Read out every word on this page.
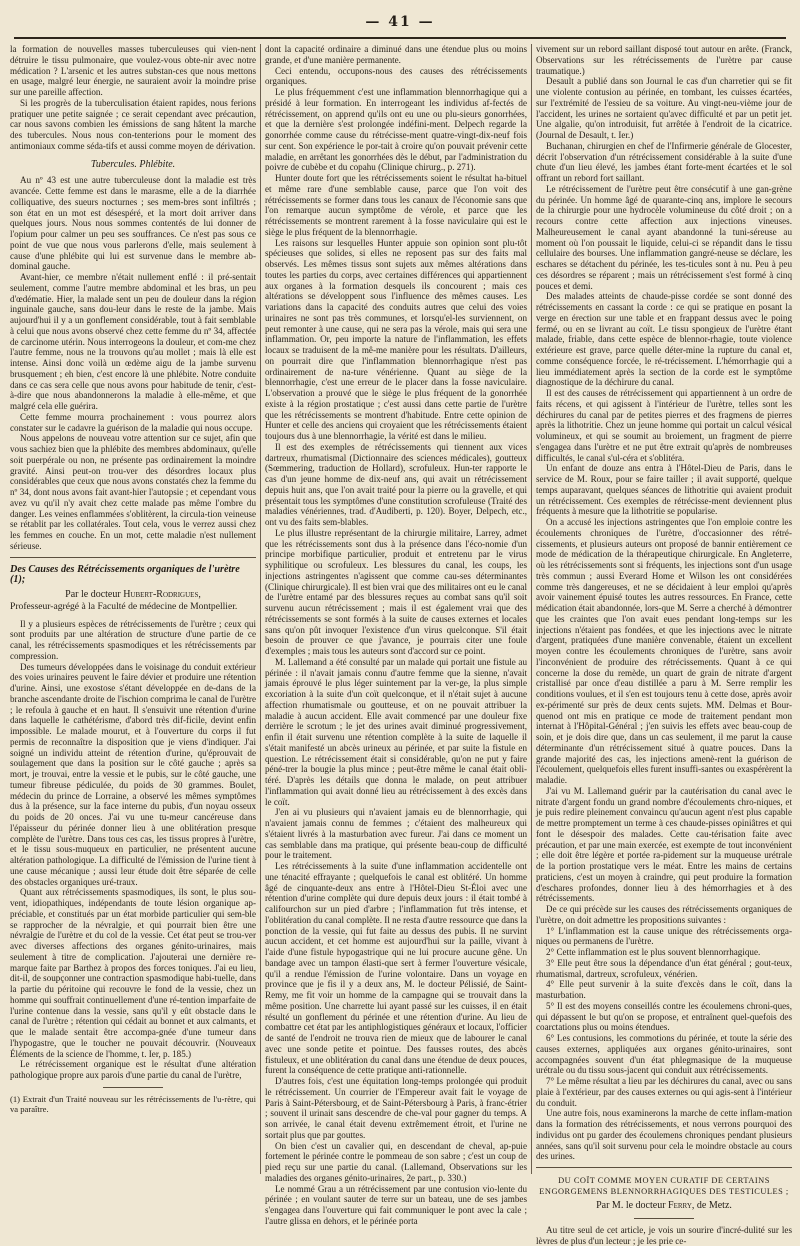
— 41 —

la formation de nouvelles masses tuberculeuses qui vien-nent détruire le tissu pulmonaire, que voulez-vous obte-nir avec notre médication ? L'arsenic et les autres substan-ces que nous mettons en usage, malgré leur énergie, ne sauraient avoir la moindre prise sur une pareille affection.

Si les progrès de la tuberculisation étaient rapides, nous ferions pratiquer une petite saignée ; ce serait cependant avec précaution, car nous savons combien les émissions de sang hâtent la marche des tubercules. Nous nous con-tenterions pour le moment des antimoniaux comme séda-tifs et aussi comme moyen de dérivation.

Tubercules. Phlébite.

Au nº 43 est une autre tuberculeuse dont la maladie est très avancée. Cette femme est dans le marasme, elle a de la diarrhée colliquative, des sueurs nocturnes ; ses mem-bres sont infiltrés ; son état en un mot est désespéré, et la mort doit arriver dans quelques jours. Nous nous sommes contentés de lui donner de l'opium pour calmer un peu ses souffrances. Ce n'est pas sous ce point de vue que nous vous parlerons d'elle, mais seulement à cause d'une phlébite qui lui est survenue dans le membre ab-dominal gauche.

Avant-hier, ce membre n'était nullement enflé : il pré-sentait seulement, comme l'autre membre abdominal et les bras, un peu d'œdématie. Hier, la malade sent un peu de douleur dans la région inguinale gauche, sans dou-leur dans le reste de la jambe. Mais aujourd'hui il y a un gonflement considérable, tout à fait semblable à celui que nous avons observé chez cette femme du nº 34, affectée de carcinome utérin. Nous interrogeons la douleur, et com-me chez l'autre femme, nous ne la trouvons qu'au mollet ; mais là elle est intense. Ainsi donc voilà un œdème aigu de la jambe survenu brusquement ; eh bien, c'est encore là une phlébite. Notre conduite dans ce cas sera celle que nous avons pour habitude de tenir, c'est-à-dire que nous abandonnerons la maladie à elle-même, et que malgré cela elle guérira.

Cette femme mourra prochainement : vous pourrez alors constater sur le cadavre la guérison de la maladie qui nous occupe.

Nous appelons de nouveau votre attention sur ce sujet, afin que vous sachiez bien que la phlébite des membres abdominaux, qu'elle soit puerpérale ou non, ne présente pas ordinairement la moindre gravité. Ainsi peut-on trou-ver des désordres locaux plus considérables que ceux que nous avons constatés chez la femme du nº 34, dont nous avons fait avant-hier l'autopsie ; et cependant vous avez vu qu'il n'y avait chez cette malade pas même l'ombre du danger. Les veines enflammées s'oblitèrent, la circula-tion veineuse se rétablit par les collatérales. Tout cela, vous le verrez aussi chez les femmes en couche. En un mot, cette maladie n'est nullement sérieuse.

Des Causes des Rétrécissements organiques de l'urètre (1);
Par le docteur Hubert-Rodrigues,
Professeur-agrégé à la Faculté de médecine de Montpellier.

Il y a plusieurs espèces de rétrécissements de l'urètre ; ceux qui sont produits par une altération de structure d'une partie de ce canal, les rétrécissements spasmodiques et les rétrécissements par compression.

Des tumeurs développées dans le voisinage du conduit extérieur des voies urinaires peuvent le faire dévier et produire une rétention d'urine. Ainsi, une exostose s'étant développée en de-dans de la branche ascendante droite de l'ischion comprima le canal de l'urètre ; le refoula à gauche et en haut. Il s'ensuivit une rétention d'urine dans laquelle le cathétérisme, d'abord très dif-ficile, devint enfin impossible. Le malade mourut, et à l'ouverture du corps il fut permis de reconnaître la disposition que je viens d'indiquer. J'ai soigné un individu atteint de rétention d'urine, qu'éprouvait de soulagement que dans la position sur le côté gauche ; après sa mort, je trouvai, entre la vessie et le pubis, sur le côté gauche, une tumeur fibreuse pédiculée, du poids de 30 grammes. Boulet, médecin du prince de Lorraine, a observé les mêmes symptômes dus à la présence, sur la face interne du pubis, d'un noyau osseux du poids de 20 onces. J'ai vu une tu-meur cancéreuse dans l'épaisseur du périnée donner lieu à une oblitération presque complète de l'urètre. Dans tous ces cas, les tissus propres à l'urètre, et le tissu sous-muqueux en particulier, ne présentent aucune altération pathologique. La difficulté de l'émission de l'urine tient à une cause mécanique ; aussi leur étude doit être séparée de celle des obstacles organiques uré-traux.

Quant aux rétrécissements spasmodiques, ils sont, le plus sou-vent, idiopathiques, indépendants de toute lésion organique ap-préciable, et constitués par un état morbide particulier qui sem-ble se rapprocher de la névralgie, et qui pourrait bien être une névralgie de l'urètre et du col de la vessie. Cet état peut se trou-ver avec diverses affections des organes génito-urinaires, mais seulement à titre de complication. J'ajouterai une dernière re-marque faite par Barthez à propos des forces toniques. J'ai eu lieu, dit-il, de soupçonner une contraction spasmodique habi-tuelle, dans la partie du péritoine qui recouvre le fond de la vessie, chez un homme qui souffrait continuellement d'une ré-tention imparfaite de l'urine contenue dans la vessie, sans qu'il y eût obstacle dans le canal de l'urètre ; rétention qui cédait au bonnet et aux calmants, et que le malade sentait être accompa-gnée d'une tumeur dans l'hypogastre, que le toucher ne pouvait découvrir. (Nouveaux Éléments de la science de l'homme, t. Ier, p. 185.)

Le rétrécissement organique est le résultat d'une altération pathologique propre aux parois d'une partie du canal de l'urètre,

(1) Extrait d'un Traité nouveau sur les rétrécissements de l'u-rètre, qui va paraître.

dont la capacité ordinaire a diminué dans une étendue plus ou moins grande, et d'une manière permanente.

Ceci entendu, occupons-nous des causes des rétrécissements organiques.

Le plus fréquemment c'est une inflammation blennorrhagique qui a présidé à leur formation. En interrogeant les individus af-fectés de rétrécissement, on apprend qu'ils ont eu une ou plu-sieurs gonorrhées, et que la dernière s'est prolongée indéfini-ment. Delpech regarde la gonorrhée comme cause du rétrécisse-ment quatre-vingt-dix-neuf fois sur cent. Son expérience le por-tait à croire qu'on pouvait prévenir cette maladie, en arrêtant les gonorrhées dès le début, par l'administration du poivre de cubèbe et du copahu (Clinique chirurg., p. 271).

Hunter doute fort que les rétrécissements soient le résultat ha-bituel et même rare d'une semblable cause, parce que l'on voit des rétrécissements se former dans tous les canaux de l'économie sans que l'on remarque aucun symptôme de vérole, et parce que les rétrécissements se montrent rarement à la fosse naviculaire qui est le siège le plus fréquent de la blennorrhagie.

Les raisons sur lesquelles Hunter appuie son opinion sont plu-tôt spécieuses que solides, si elles ne reposent pas sur des faits mal observés. Les mêmes tissus sont sujets aux mêmes altérations dans toutes les parties du corps, avec certaines différences qui appartiennent aux organes à la formation desquels ils concourent ; mais ces altérations se développent sous l'influence des mêmes causes. Les variations dans la capacité des conduits autres que celui des voies urinaires ne sont pas très communes, et lorsqu'el-les surviennent, on peut remonter à une cause, qui ne sera pas la vérole, mais qui sera une inflammation. Or, peu importe la nature de l'inflammation, les effets locaux se traduisent de la mê-me manière pour les résultats. D'ailleurs, on pourrait dire que l'inflammation blennorrhagique n'est pas ordinairement de na-ture vénérienne. Quant au siège de la blennorrhagie, c'est une erreur de le placer dans la fosse naviculaire. L'observation a prouvé que le siège le plus fréquent de la gonorrhée existe à la région prostatique ; c'est aussi dans cette partie de l'urètre que les rétrécissements se montrent d'habitude. Entre cette opinion de Hunter et celle des anciens qui croyaient que les rétrécissements étaient toujours dus à une blennorrhagie, la vérité est dans le milieu.

Il est des exemples de rétrécissements qui tiennent aux vices dartreux, rhumatismal (Dictionnaire des sciences médicales), goutteux (Sœmmering, traduction de Hollard), scrofuleux. Hun-ter rapporte le cas d'un jeune homme de dix-neuf ans, qui avait un rétrécissement depuis huit ans, que l'on avait traité pour la pierre ou la gravelle, et qui présentait tous les symptômes d'une constitution scrofuleuse (Traité des maladies vénériennes, trad. d'Audiberti, p. 120). Boyer, Delpech, etc., ont vu des faits sem-blables.

Le plus illustre représentant de la chirurgie militaire, Larrey, admet que les rétrécissements sont dus à la présence dans l'éco-nomie d'un principe morbifique particulier, produit et entretenu par le virus syphilitique ou scrofuleux. Les blessures du canal, les coups, les injections astringentes n'agissent que comme cau-ses déterminantes (Clinique chirurgicale). Il est bien vrai que des militaires ont eu le canal de l'urètre entamé par des blessures reçues au combat sans qu'il soit survenu aucun rétrécissement ; mais il est également vrai que des rétrécissements se sont formés à la suite de causes externes et locales sans qu'on pût invoquer l'existence d'un virus quelconque. S'il était besoin de prouver ce que j'avance, je pourrais citer une foule d'exemples ; mais tous les auteurs sont d'accord sur ce point.

M. Lallemand a été consulté par un malade qui portait une fistule au périnée : il n'avait jamais connu d'autre femme que la sienne, n'avait jamais éprouvé le plus léger suintement par la ver-ge, la plus simple excoriation à la suite d'un coït quelconque, et il n'était sujet à aucune affection rhumatismale ou goutteuse, et on ne pouvait attribuer la maladie à aucun accident. Elle avait commencé par une douleur fixe derrière le scrotum ; le jet des urines avait diminué progressivement, enfin il était survenu une rétention complète à la suite de laquelle il s'était manifesté un abcès urineux au périnée, et par suite la fistule en question. Le rétrécissement était si considérable, qu'on ne put y faire péné-trer la bougie la plus mince ; peut-être même le canal était obli-téré. D'après les détails que donna le malade, on peut attribuer l'inflammation qui avait donné lieu au rétrécissement à des excès dans le coït.

J'en ai vu plusieurs qui n'avaient jamais eu de blennorrhagie, qui n'avaient jamais connu de femmes ; c'étaient des malheureux qui s'étaient livrés à la masturbation avec fureur. J'ai dans ce moment un cas semblable dans ma pratique, qui présente beau-coup de difficulté pour le traitement.

Les rétrécissements à la suite d'une inflammation accidentelle ont une ténacité effrayante ; quelquefois le canal est oblitéré. Un homme âgé de cinquante-deux ans entre à l'Hôtel-Dieu St-Éloi avec une rétention d'urine complète qui dure depuis deux jours : il était tombé à califourchon sur un pied d'arbre ; l'inflammation fut très intense, et l'oblitération du canal complète. Il ne resta d'autre ressource que dans la ponction de la vessie, qui fut faite au dessus des pubis. Il ne survint aucun accident, et cet homme est aujourd'hui sur la paille, vivant à l'aide d'une fistule hypogastrique qui ne lui procure aucune gêne. Un bandage avec un tampon élasti-que sert à fermer l'ouverture vésicale, qu'il a rendue l'émission de l'urine volontaire. Dans un voyage en province que je fis il y a deux ans, M. le docteur Pélissié, de Saint-Remy, me fit voir un homme de la campagne qui se trouvait dans la même position. Une charrette lui ayant passé sur les cuisses, il en était résulté un gonflement du périnée et une rétention d'urine. Au lieu de combattre cet état par les antiphlogistiques généraux et locaux, l'officier de santé de l'endroit ne trouva rien de mieux que de labourer le canal avec une sonde petite et pointue. Des fausses routes, des abcès fistuleux, et une oblitération du canal dans une étendue de deux pouces, furent la conséquence de cette pratique anti-rationnelle.

D'autres fois, c'est une équitation long-temps prolongée qui produit le rétrécissement. Un courrier de l'Empereur avait fait le voyage de Paris à Saint-Pétersbourg, et de Saint-Pétersbourg à Paris, à franc-étrier ; souvent il urinait sans descendre de che-val pour gagner du temps. A son arrivée, le canal était devenu extrêmement étroit, et l'urine ne sortait plus que par gouttes.

On bien c'est un cavalier qui, en descendant de cheval, ap-puie fortement le périnée contre le pommeau de son sabre ; c'est un coup de pied reçu sur une partie du canal. (Lallemand, Observations sur les maladies des organes génito-urinaires, 2e part., p. 330.)

Le nommé Grau a un rétrécissement par une contusion vio-lente du périnée ; en voulant sauter de terre sur un bateau, une de ses jambes s'engagea dans l'ouverture qui fait communiquer le pont avec la cale ; l'autre glissa en dehors, et le périnée porta

vivement sur un rebord saillant disposé tout autour en arête. (Franck, Observations sur les rétrécissements de l'urètre par cause traumatique.)

Desault a publié dans son Journal le cas d'un charretier qui se fit une violente contusion au périnée, en tombant, les cuisses écartées, sur l'extrémité de l'essieu de sa voiture. Au vingt-neu-vième jour de l'accident, les urines ne sortaient qu'avec difficulté et par un petit jet. Une algalie, qu'on introduisit, fut arrêtée à l'endroit de la cicatrice. (Journal de Desault, t. Ier.)

Buchanan, chirurgien en chef de l'Infirmerie générale de Glocester, décrit l'observation d'un rétrécissement considérable à la suite d'une chute d'un lieu élevé, les jambes étant forte-ment écartées et le sol offrant un rebord fort saillant.

Le rétrécissement de l'urètre peut être consécutif à une gan-grène du périnée. Un homme âgé de quarante-cinq ans, implore le secours de la chirurgie pour une hydrocèle volumineuse du côté droit ; on a recours contre cette affection aux injections vineuses. Malheureusement le canal ayant abandonné la tuni-séreuse au moment où l'on poussait le liquide, celui-ci se répandit dans le tissu cellulaire des bourses. Une inflammation gangré-neuse se déclare, les eschares se détachent du périnée, les tes-ticules sont à nu. Peu à peu ces désordres se réparent ; mais un rétrécissement s'est formé à cinq pouces et demi.

Des malades atteints de chaude-pisse cordée se sont donné des rétrécissements en cassant la corde : ce qui se pratique en posant la verge en érection sur une table et en frappant dessus avec le poing fermé, ou en se livrant au coït. Le tissu spongieux de l'urètre étant malade, friable, dans cette espèce de blennor-rhagie, toute violence extérieure est grave, parce quelle déter-mine la rupture du canal et, comme conséquence forcée, le ré-trécissement. L'hémorrhagie qui a lieu immédiatement après la section de la corde est le symptôme diagnostique de la déchirure du canal.

Il est des causes de rétrécissement qui appartiennent à un ordre de faits récens, et qui agissent à l'intérieur de l'urètre, telles sont les déchirures du canal par de petites pierres et des fragmens de pierres après la lithotritie. Chez un jeune homme qui portait un calcul vésical volumineux, et qui se soumit au broiement, un fragment de pierre s'engagea dans l'urètre et ne put être extrait qu'après de nombreuses difficultés, le canal s'ul-céra et s'oblitéra.

Un enfant de douze ans entra à l'Hôtel-Dieu de Paris, dans le service de M. Roux, pour se faire tailler ; il avait supporté, quelque temps auparavant, quelques séances de lithotritie qui avaient produit un rétrécissement. Ces exemples de rétrécisse-ment deviennent plus fréquents à mesure que la lithotritie se popularise.

On a accusé les injections astringentes que l'on emploie contre les écoulements chroniques de l'urètre, d'occasionner des rétré-cissements, et plusieurs auteurs ont proposé de bannir entièrement ce mode de médication de la thérapeutique chirurgicale. En Angleterre, où les rétrécissements sont si fréquents, les injections sont d'un usage très commun ; aussi Everard Home et Wilson les ont considérées comme très dangereuses, et ne se décidaient à leur emploi qu'après avoir vainement épuisé toutes les autres ressources. En France, cette médication était abandonnée, lors-que M. Serre a cherché à démontrer que les craintes que l'on avait eues pendant long-temps sur les injections n'étaient pas fondées, et que les injections avec le nitrate d'argent, pratiquées d'une manière convenable, étaient un excellent moyen contre les écoulements chroniques de l'urètre, sans avoir l'inconvénient de produire des rétrécissements. Quant à ce qui concerne la dose du remède, un quart de grain de nitrate d'argent cristallisé par once d'eau distillée a paru à M. Serre remplir les conditions voulues, et il s'en est toujours tenu à cette dose, après avoir ex-périmenté sur près de deux cents sujets. MM. Delmas et Bour-quenod ont mis en pratique ce mode de traitement pendant mon internat à l'Hôpital-Général ; j'en suivis les effets avec beau-coup de soin, et je dois dire que, dans un cas seulement, il me parut la cause déterminante d'un rétrécissement situé à quatre pouces. Dans la grande majorité des cas, les injections amenè-rent la guérison de l'écoulement, quelquefois elles furent insuffi-santes ou exaspérèrent la maladie.

J'ai vu M. Lallemand guérir par la cautérisation du canal avec le nitrate d'argent fondu un grand nombre d'écoulements chro-niques, et je puis redire pleinement convaincu qu'aucun agent n'est plus capable de mettre promptement un terme à ces chaude-pisses opiniâtres et qui font le désespoir des malades. Cette cau-térisation faite avec précaution, et par une main exercée, est exempte de tout inconvénient ; elle doit être légère et portée ra-pidement sur la muqueuse urétrale de la portion prostatique vers le méat. Entre les mains de certains praticiens, c'est un moyen à craindre, qui peut produire la formation d'eschares profondes, donner lieu à des hémorrhagies et à des rétrécissements.

De ce qui précède sur les causes des rétrécissements organiques de l'urètre, on doit admettre les propositions suivantes :

1° L'inflammation est la cause unique des rétrécissements orga-niques ou permanens de l'urètre.

2° Cette inflammation est le plus souvent blennorrhagique.

3° Elle peut être sous la dépendance d'un état général ; gout-teux, rhumatismal, dartreux, scrofuleux, vénérien.

4° Elle peut survenir à la suite d'excès dans le coït, dans la masturbation.

5° Il est des moyens conseillés contre les écoulemens chroni-ques, qui dépassent le but qu'on se propose, et entraînent quel-quefois des coarctations plus ou moins étendues.

6° Les contusions, les commotions du périnée, et toute la série des causes externes, appliquées aux organes génito-urinaires, sont accompagnées souvent d'un état phlegmasique de la muqueuse urétrale ou du tissu sous-jacent qui conduit aux rétrécissements.

7° Le même résultat a lieu par les déchirures du canal, avec ou sans plaie à l'extérieur, par des causes externes ou qui agis-sent à l'intérieur du conduit.

Une autre fois, nous examinerons la marche de cette inflam-mation dans la formation des rétrécissements, et nous verrons pourquoi des individus ont pu garder des écoulemens chroniques pendant plusieurs années, sans qu'il soit survenu pour cela le moindre obstacle au cours des urines.

DU COÏT COMME MOYEN CURATIF DE CERTAINS ENGORGEMENS BLENNORRHAGIQUES DES TESTICULES ;
Par M. le docteur Ferry, de Metz.

Au titre seul de cet article, je vois un sourire d'incré-dulité sur les lèvres de plus d'un lecteur ; je les prie ce-
